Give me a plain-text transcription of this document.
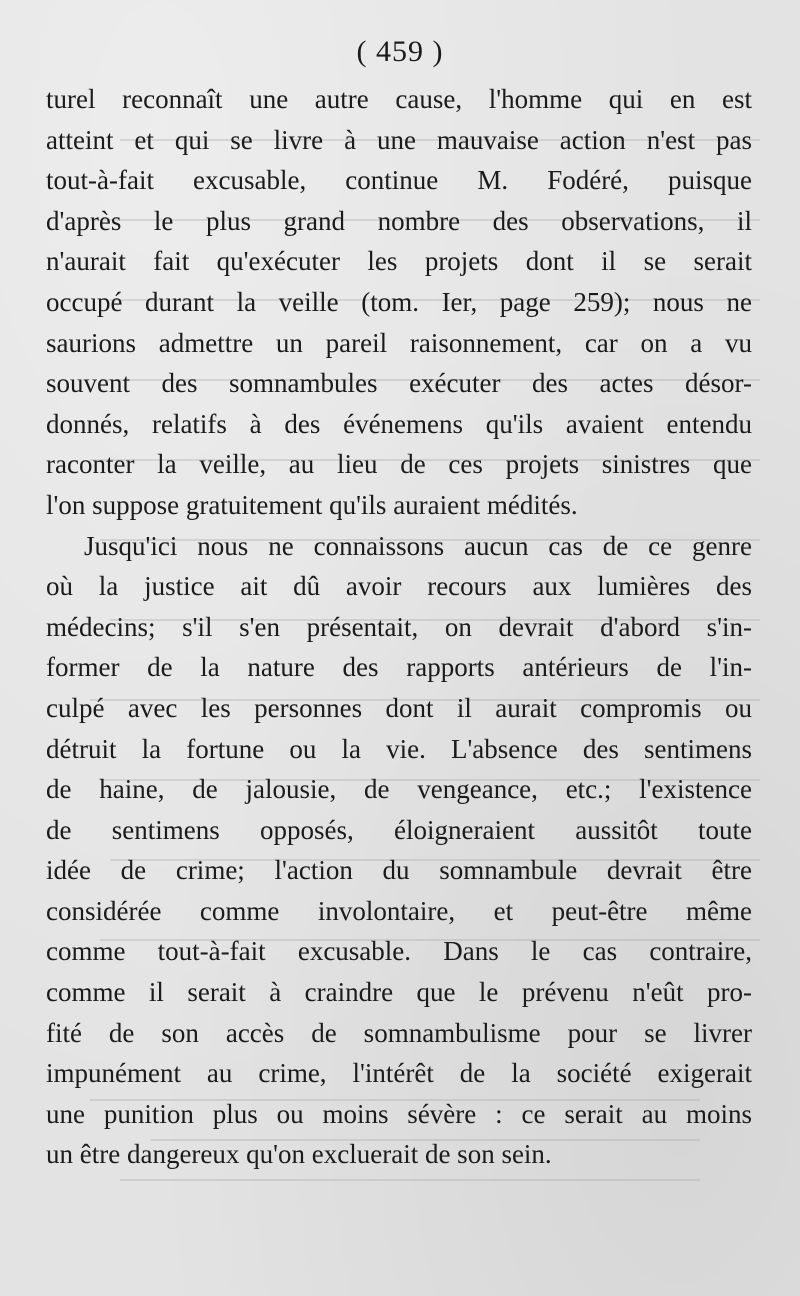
( 459 )
turel reconnaît une autre cause, l'homme qui en est
atteint et qui se livre à une mauvaise action n'est pas
tout-à-fait excusable, continue M. Fodéré, puisque
d'après le plus grand nombre des observations, il
n'aurait fait qu'exécuter les projets dont il se serait
occupé durant la veille (tom. Ier, page 259); nous ne
saurions admettre un pareil raisonnement, car on a vu
souvent des somnambules exécuter des actes désor-
donnés, relatifs à des événemens qu'ils avaient entendu
raconter la veille, au lieu de ces projets sinistres que
l'on suppose gratuitement qu'ils auraient médités.
Jusqu'ici nous ne connaissons aucun cas de ce genre
où la justice ait dû avoir recours aux lumières des
médecins; s'il s'en présentait, on devrait d'abord s'in-
former de la nature des rapports antérieurs de l'in-
culpé avec les personnes dont il aurait compromis ou
détruit la fortune ou la vie. L'absence des sentimens
de haine, de jalousie, de vengeance, etc.; l'existence
de sentimens opposés, éloigneraient aussitôt toute
idée de crime; l'action du somnambule devrait être
considérée comme involontaire, et peut-être même
comme tout-à-fait excusable. Dans le cas contraire,
comme il serait à craindre que le prévenu n'eût pro-
fité de son accès de somnambulisme pour se livrer
impunément au crime, l'intérêt de la société exigerait
une punition plus ou moins sévère : ce serait au moins
un être dangereux qu'on excluerait de son sein.
